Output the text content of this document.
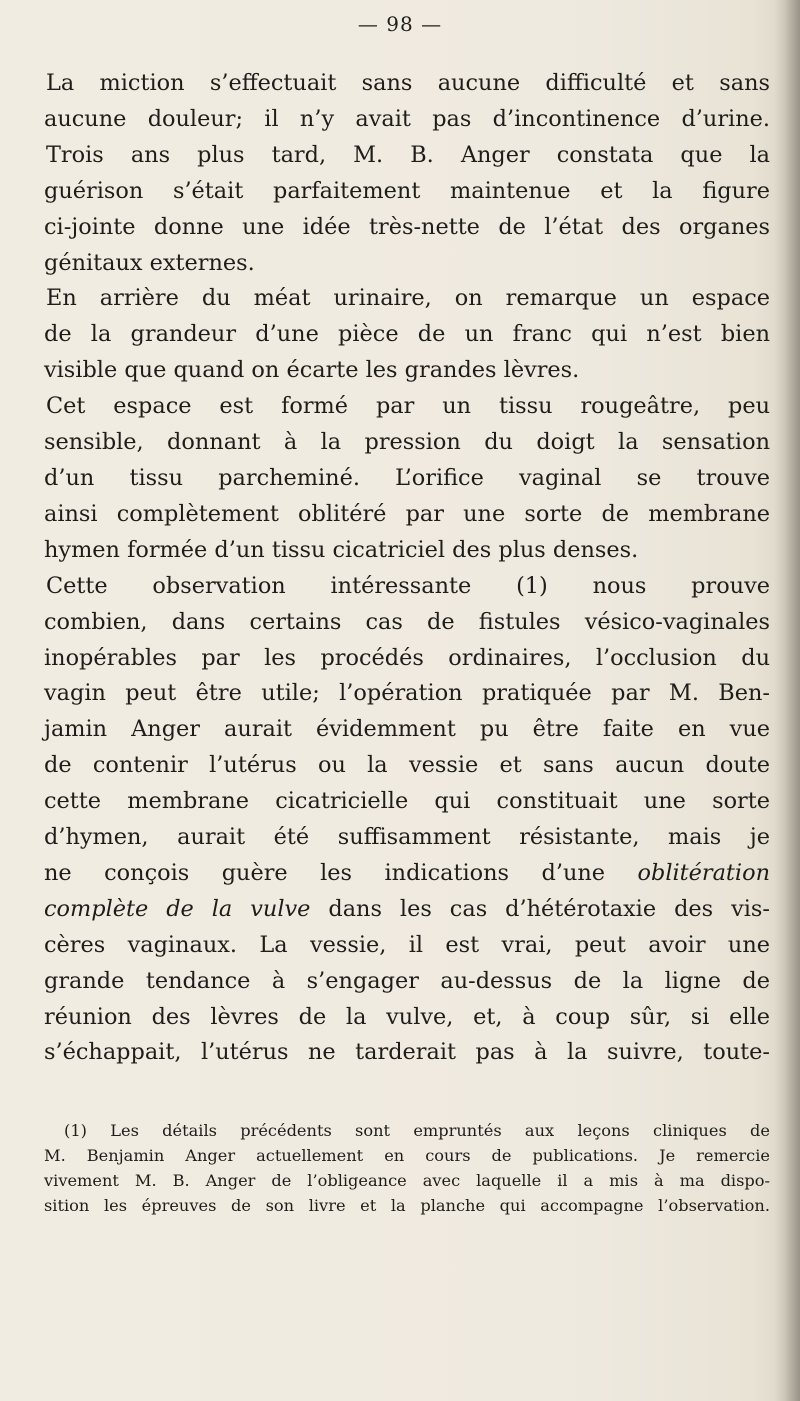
— 98 —
La miction s’effectuait sans aucune difficulté et sans
aucune douleur; il n’y avait pas d’incontinence d’urine.
Trois ans plus tard, M. B. Anger constata que la
guérison s’était parfaitement maintenue et la figure
ci-jointe donne une idée très-nette de l’état des organes
génitaux externes.
En arrière du méat urinaire, on remarque un espace
de la grandeur d’une pièce de un franc qui n’est bien
visible que quand on écarte les grandes lèvres.
Cet espace est formé par un tissu rougeâtre, peu
sensible, donnant à la pression du doigt la sensation
d’un tissu parcheminé. L’orifice vaginal se trouve
ainsi complètement oblitéré par une sorte de membrane
hymen formée d’un tissu cicatriciel des plus denses.
Cette observation intéressante (1) nous prouve
combien, dans certains cas de fistules vésico-vaginales
inopérables par les procédés ordinaires, l’occlusion du
vagin peut être utile; l’opération pratiquée par M. Ben-
jamin Anger aurait évidemment pu être faite en vue
de contenir l’utérus ou la vessie et sans aucun doute
cette membrane cicatricielle qui constituait une sorte
d’hymen, aurait été suffisamment résistante, mais je
ne conçois guère les indications d’une oblitération
complète de la vulve dans les cas d’hétérotaxie des vis-
cères vaginaux. La vessie, il est vrai, peut avoir une
grande tendance à s’engager au-dessus de la ligne de
réunion des lèvres de la vulve, et, à coup sûr, si elle
s’échappait, l’utérus ne tarderait pas à la suivre, toute-
(1) Les détails précédents sont empruntés aux leçons cliniques de
M. Benjamin Anger actuellement en cours de publications. Je remercie
vivement M. B. Anger de l’obligeance avec laquelle il a mis à ma dispo-
sition les épreuves de son livre et la planche qui accompagne l’observation.
